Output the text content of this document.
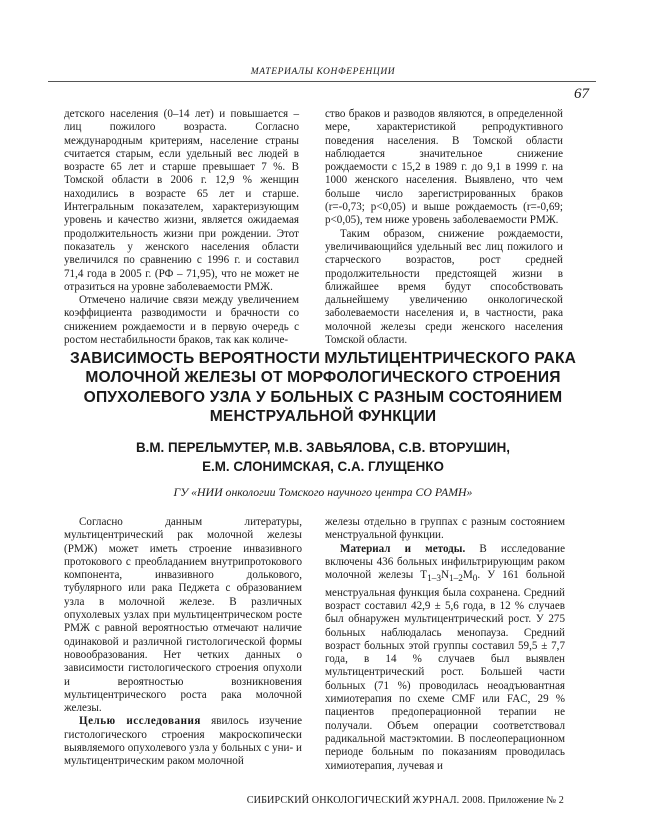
МАТЕРИАЛЫ КОНФЕРЕНЦИИ
67

детского населения (0–14 лет) и повышается – лиц пожилого возраста. Согласно международным критериям, население страны считается старым, если удельный вес людей в возрасте 65 лет и старше превышает 7 %. В Томской области в 2006 г. 12,9 % женщин находились в возрасте 65 лет и старше. Интегральным показателем, характеризующим уровень и качество жизни, является ожидаемая продолжительность жизни при рождении. Этот показатель у женского населения области увеличился по сравнению с 1996 г. и составил 71,4 года в 2005 г. (РФ – 71,95), что не может не отразиться на уровне заболеваемости РМЖ.

Отмечено наличие связи между увеличением коэффициента разводимости и брачности со снижением рождаемости и в первую очередь с ростом нестабильности браков, так как количе-

ство браков и разводов являются, в определенной мере, характеристикой репродуктивного поведения населения. В Томской области наблюдается значительное снижение рождаемости с 15,2 в 1989 г. до 9,1 в 1999 г. на 1000 женского населения. Выявлено, что чем больше число зарегистрированных браков (r=-0,73; p<0,05) и выше рождаемость (r=-0,69; p<0,05), тем ниже уровень заболеваемости РМЖ.

Таким образом, снижение рождаемости, увеличивающийся удельный вес лиц пожилого и старческого возрастов, рост средней продолжительности предстоящей жизни в ближайшее время будут способствовать дальнейшему увеличению онкологической заболеваемости населения и, в частности, рака молочной железы среди женского населения Томской области.

ЗАВИСИМОСТЬ ВЕРОЯТНОСТИ МУЛЬТИЦЕНТРИЧЕСКОГО РАКА МОЛОЧНОЙ ЖЕЛЕЗЫ ОТ МОРФОЛОГИЧЕСКОГО СТРОЕНИЯ ОПУХОЛЕВОГО УЗЛА У БОЛЬНЫХ С РАЗНЫМ СОСТОЯНИЕМ МЕНСТРУАЛЬНОЙ ФУНКЦИИ
В.М. ПЕРЕЛЬМУТЕР, М.В. ЗАВЬЯЛОВА, С.В. ВТОРУШИН,
Е.М. СЛОНИМСКАЯ, С.А. ГЛУЩЕНКО
ГУ «НИИ онкологии Томского научного центра СО РАМН»

Согласно данным литературы, мультицентрический рак молочной железы (РМЖ) может иметь строение инвазивного протокового с преобладанием внутрипротокового компонента, инвазивного долькового, тубулярного или рака Педжета с образованием узла в молочной железе. В различных опухолевых узлах при мультицентрическом росте РМЖ с равной вероятностью отмечают наличие одинаковой и различной гистологической формы новообразования. Нет четких данных о зависимости гистологического строения опухоли и вероятностью возникновения мультицентрического роста рака молочной железы.

Целью исследования явилось изучение гистологического строения макроскопически выявляемого опухолевого узла у больных с уни- и мультицентрическим раком молочной

железы отдельно в группах с разным состоянием менструальной функции.

Материал и методы. В исследование включены 436 больных инфильтрирующим раком молочной железы $T_{1-3}N_{1-2}M_0$. У 161 больной менструальная функция была сохранена. Средний возраст составил 42,9 ± 5,6 года, в 12 % случаев был обнаружен мультицентрический рост. У 275 больных наблюдалась менопауза. Средний возраст больных этой группы составил 59,5 ± 7,7 года, в 14 % случаев был выявлен мультицентрический рост. Большей части больных (71 %) проводилась неоадъювантная химиотерапия по схеме CMF или FAC, 29 % пациентов предоперационной терапии не получали. Объем операции соответствовал радикальной мастэктомии. В послеоперационном периоде больным по показаниям проводилась химиотерапия, лучевая и

СИБИРСКИЙ ОНКОЛОГИЧЕСКИЙ ЖУРНАЛ. 2008. Приложение № 2
